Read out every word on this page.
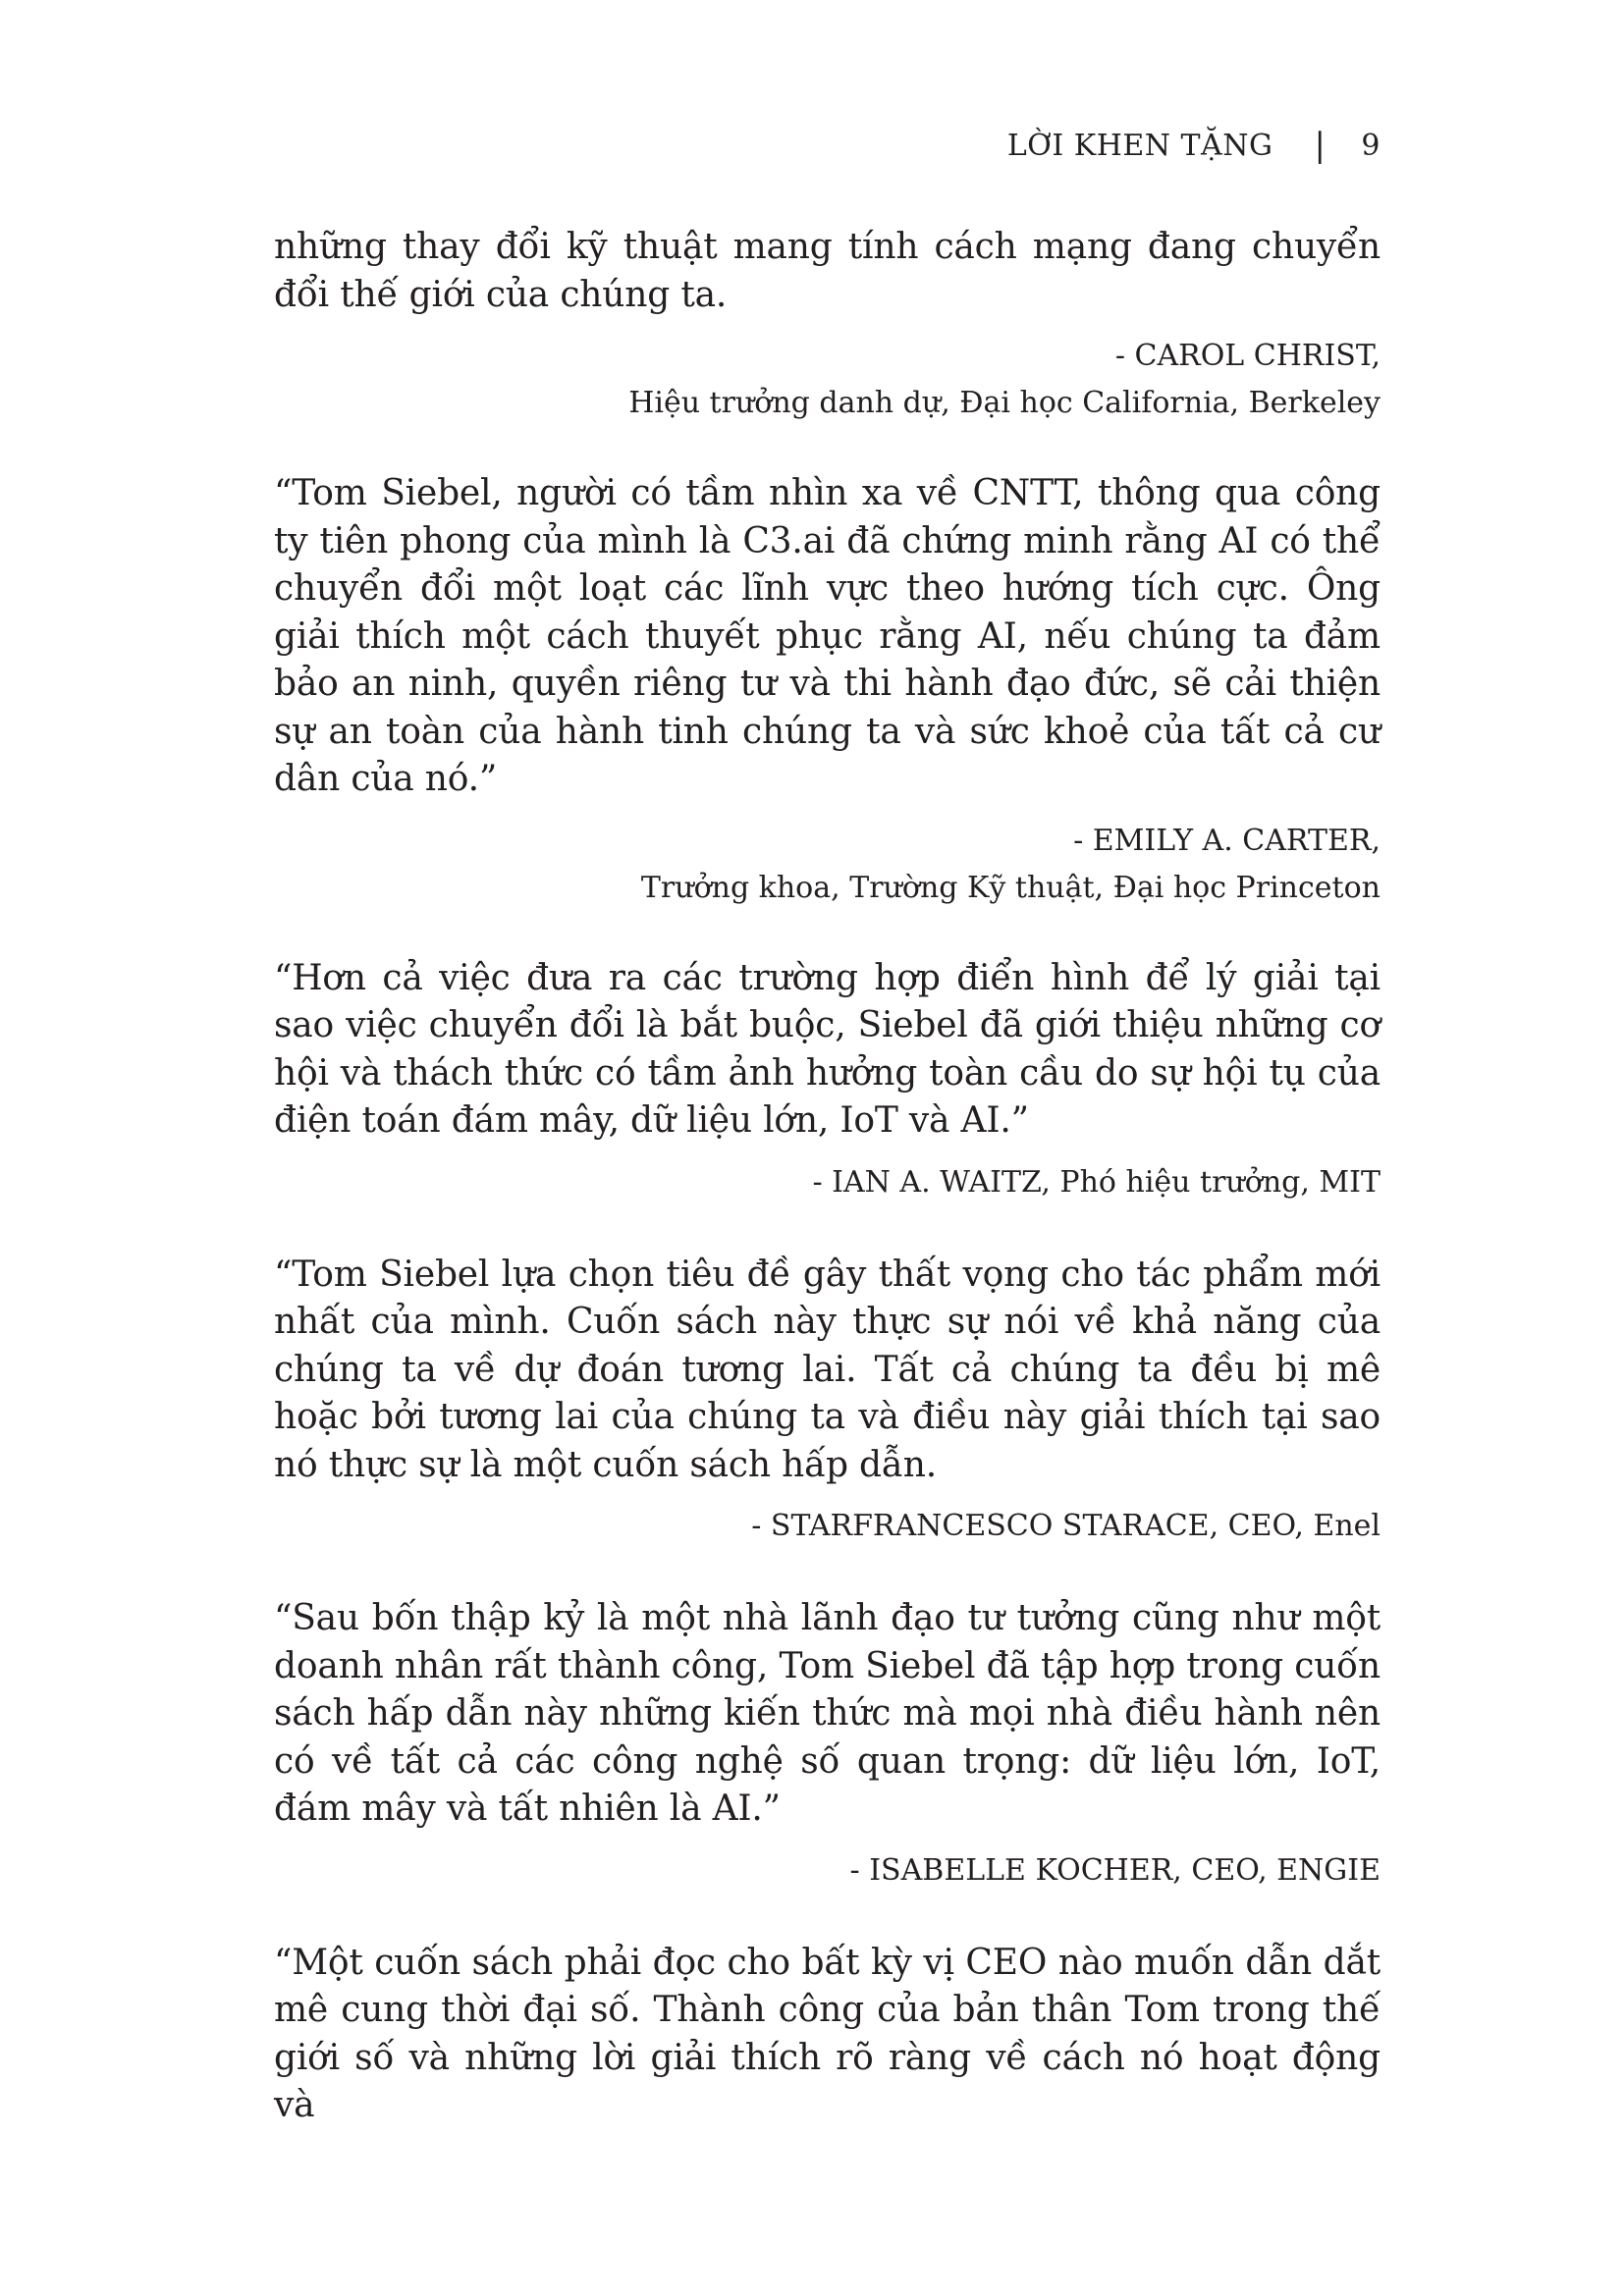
LỜI KHEN TẶNG | 9

những thay đổi kỹ thuật mang tính cách mạng đang chuyển đổi thế giới của chúng ta.

- CAROL CHRIST,
Hiệu trưởng danh dự, Đại học California, Berkeley

“Tom Siebel, người có tầm nhìn xa về CNTT, thông qua công ty tiên phong của mình là C3.ai đã chứng minh rằng AI có thể chuyển đổi một loạt các lĩnh vực theo hướng tích cực. Ông giải thích một cách thuyết phục rằng AI, nếu chúng ta đảm bảo an ninh, quyền riêng tư và thi hành đạo đức, sẽ cải thiện sự an toàn của hành tinh chúng ta và sức khoẻ của tất cả cư dân của nó.”

- EMILY A. CARTER,
Trưởng khoa, Trường Kỹ thuật, Đại học Princeton

“Hơn cả việc đưa ra các trường hợp điển hình để lý giải tại sao việc chuyển đổi là bắt buộc, Siebel đã giới thiệu những cơ hội và thách thức có tầm ảnh hưởng toàn cầu do sự hội tụ của điện toán đám mây, dữ liệu lớn, IoT và AI.”

- IAN A. WAITZ, Phó hiệu trưởng, MIT

“Tom Siebel lựa chọn tiêu đề gây thất vọng cho tác phẩm mới nhất của mình. Cuốn sách này thực sự nói về khả năng của chúng ta về dự đoán tương lai. Tất cả chúng ta đều bị mê hoặc bởi tương lai của chúng ta và điều này giải thích tại sao nó thực sự là một cuốn sách hấp dẫn.

- STARFRANCESCO STARACE, CEO, Enel

“Sau bốn thập kỷ là một nhà lãnh đạo tư tưởng cũng như một doanh nhân rất thành công, Tom Siebel đã tập hợp trong cuốn sách hấp dẫn này những kiến thức mà mọi nhà điều hành nên có về tất cả các công nghệ số quan trọng: dữ liệu lớn, IoT, đám mây và tất nhiên là AI.”

- ISABELLE KOCHER, CEO, ENGIE

“Một cuốn sách phải đọc cho bất kỳ vị CEO nào muốn dẫn dắt mê cung thời đại số. Thành công của bản thân Tom trong thế giới số và những lời giải thích rõ ràng về cách nó hoạt động và
